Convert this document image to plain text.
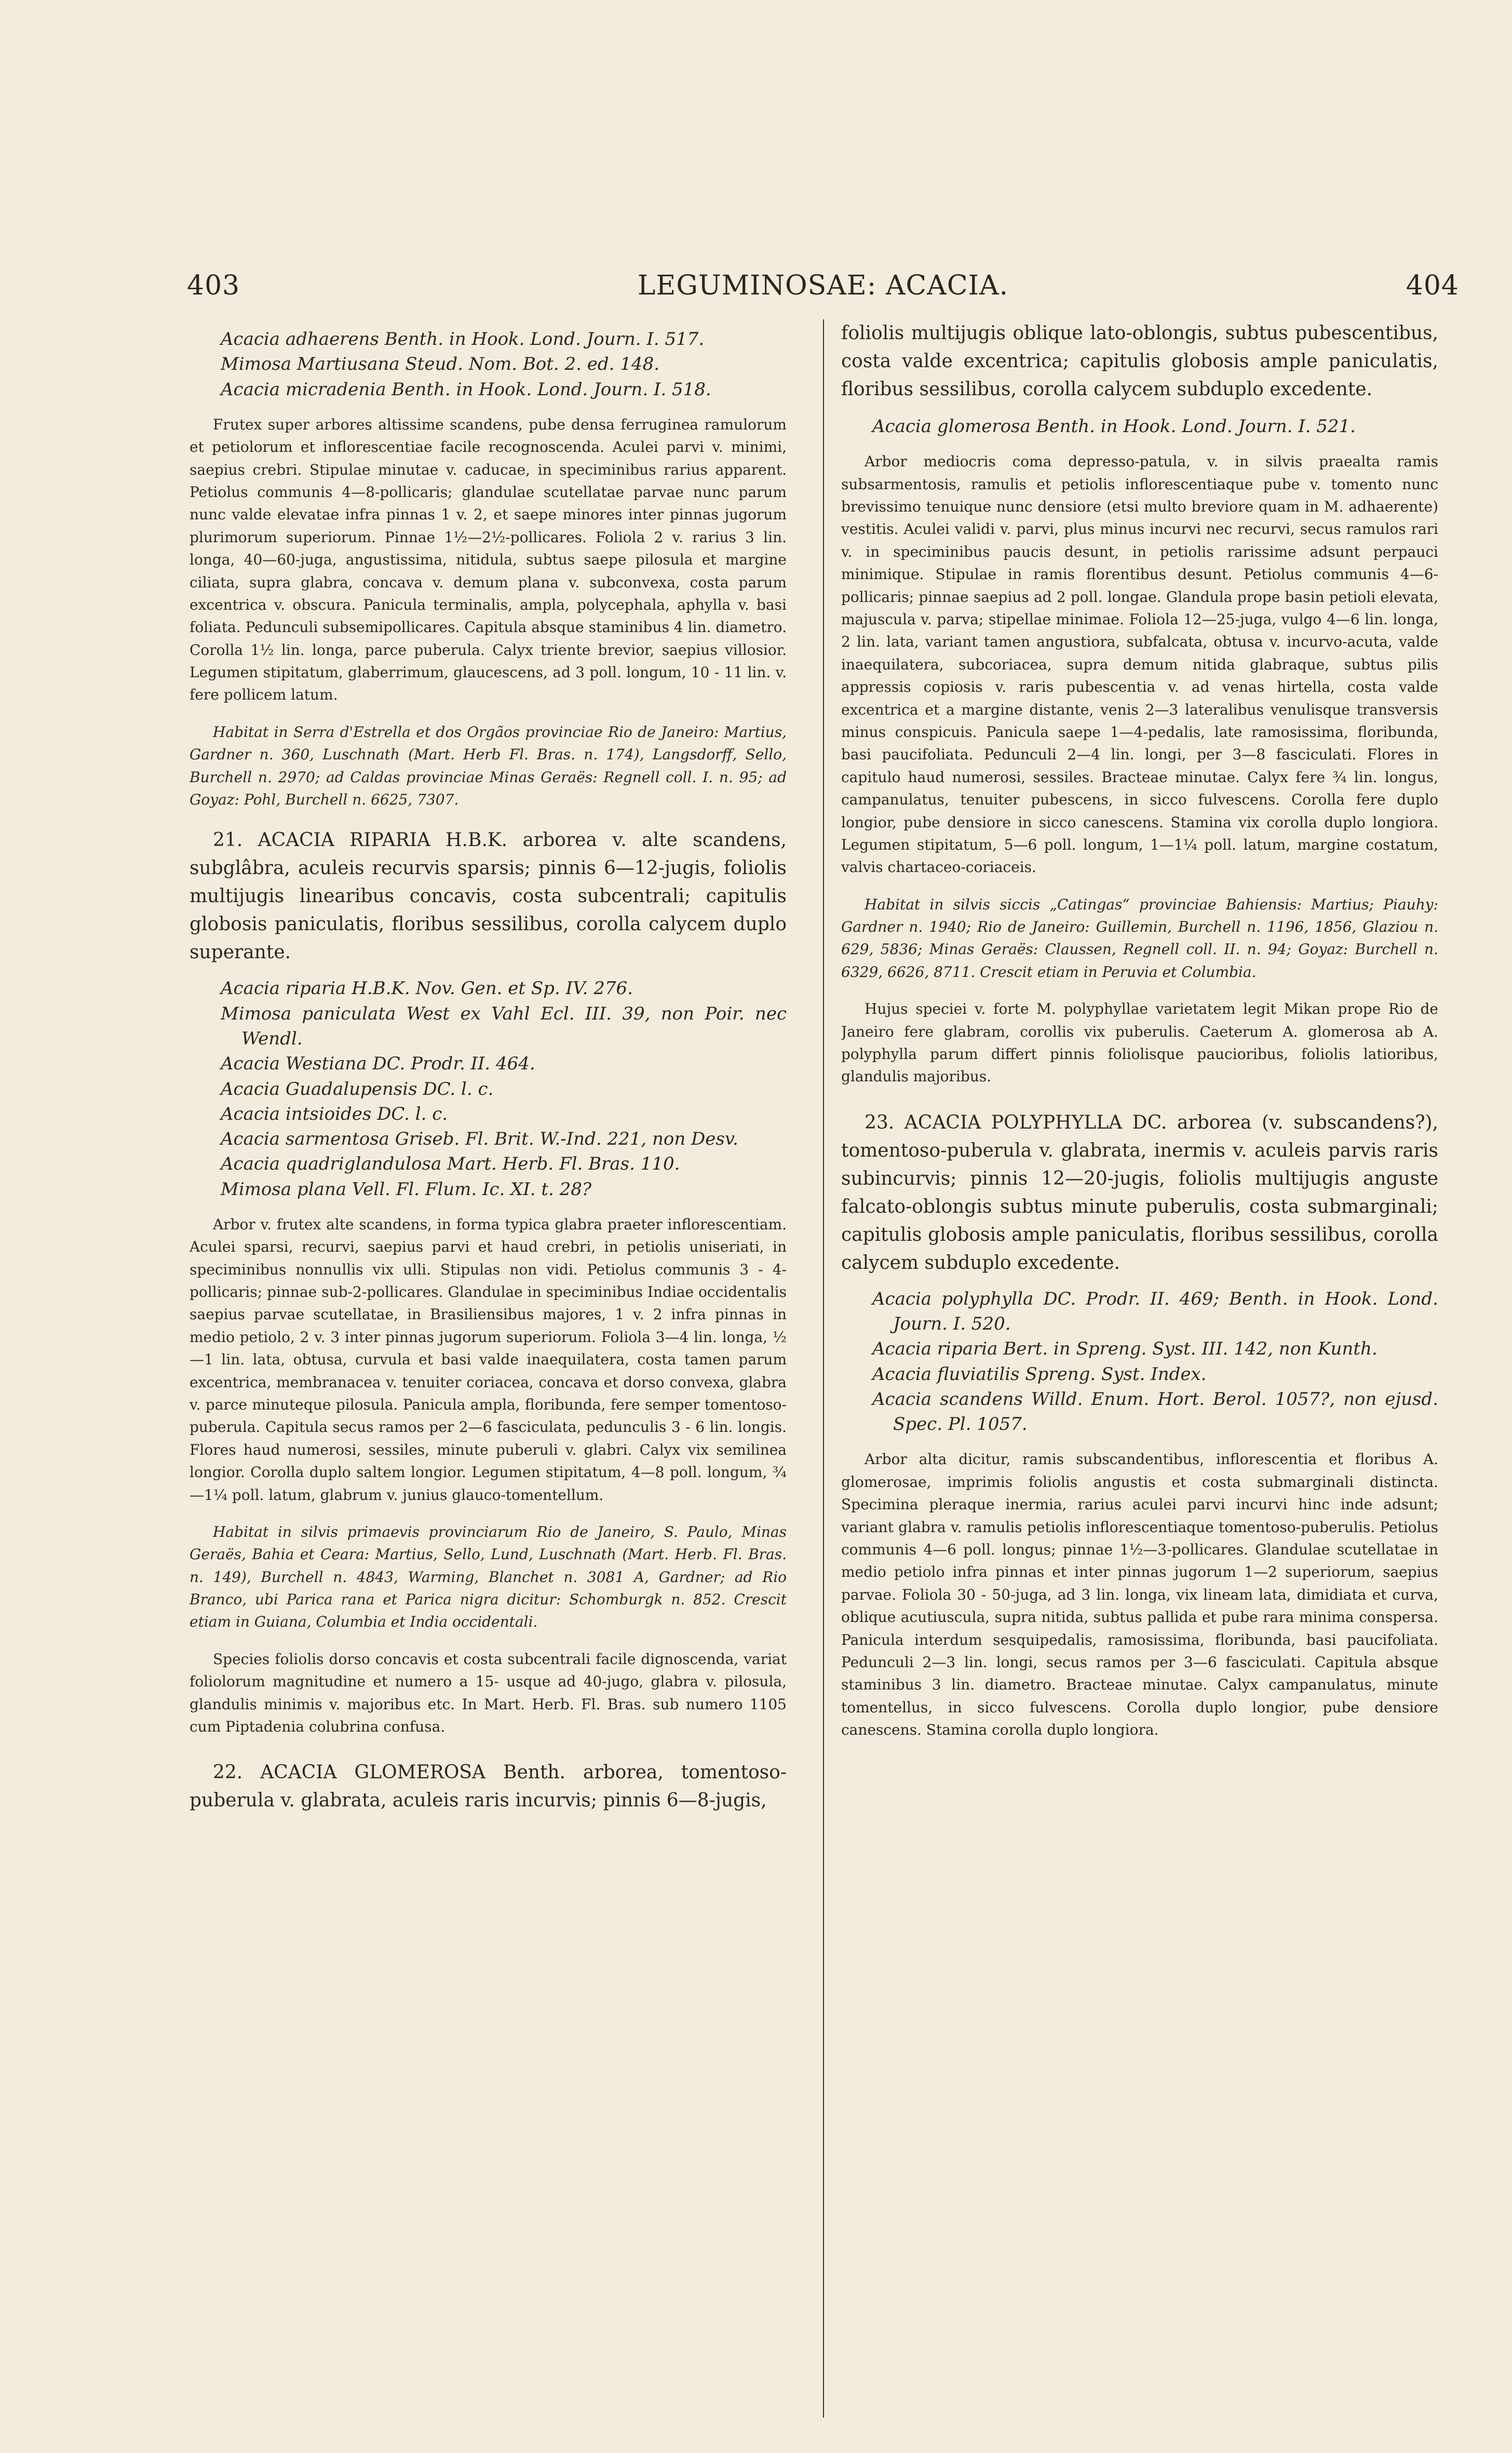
403	LEGUMINOSAE: ACACIA.	404

Acacia adhaerens Benth. in Hook. Lond. Journ. I. 517.

Mimosa Martiusana Steud. Nom. Bot. 2. ed. 148.

Acacia micradenia Benth. in Hook. Lond. Journ. I. 518.

Frutex super arbores altissime scandens, pube densa ferruginea ramulorum et petiolorum et inflorescentiae facile recognoscenda. Aculei parvi v. minimi, saepius crebri. Stipulae minutae v. caducae, in speciminibus rarius apparent. Petiolus communis 4—8-pollicaris; glandulae scutellatae parvae nunc parum nunc valde elevatae infra pinnas 1 v. 2, et saepe minores inter pinnas jugorum plurimorum superiorum. Pinnae 1½—2½-pollicares. Foliola 2 v. rarius 3 lin. longa, 40—60-juga, angustissima, nitidula, subtus saepe pilosula et margine ciliata, supra glabra, concava v. demum plana v. subconvexa, costa parum excentrica v. obscura. Panicula terminalis, ampla, polycephala, aphylla v. basi foliata. Pedunculi subsemipollicares. Capitula absque staminibus 4 lin. diametro. Corolla 1½ lin. longa, parce puberula. Calyx triente brevior, saepius villosior. Legumen stipitatum, glaberrimum, glaucescens, ad 3 poll. longum, 10 - 11 lin. v. fere pollicem latum.

Habitat in Serra d'Estrella et dos Orgãos provinciae Rio de Janeiro: Martius, Gardner n. 360, Luschnath (Mart. Herb Fl. Bras. n. 174), Langsdorff, Sello, Burchell n. 2970; ad Caldas provinciae Minas Geraës: Regnell coll. I. n. 95; ad Goyaz: Pohl, Burchell n. 6625, 7307.

21. ACACIA RIPARIA H.B.K. arborea v. alte scandens, subglâbra, aculeis recurvis sparsis; pinnis 6—12-jugis, foliolis multijugis linearibus concavis, costa subcentrali; capitulis globosis paniculatis, floribus sessilibus, corolla calycem duplo superante.

Acacia riparia H.B.K. Nov. Gen. et Sp. IV. 276.

Mimosa paniculata West ex Vahl Ecl. III. 39, non Poir. nec Wendl.

Acacia Westiana DC. Prodr. II. 464.

Acacia Guadalupensis DC. l. c.

Acacia intsioides DC. l. c.

Acacia sarmentosa Griseb. Fl. Brit. W.-Ind. 221, non Desv.

Acacia quadriglandulosa Mart. Herb. Fl. Bras. 110.

Mimosa plana Vell. Fl. Flum. Ic. XI. t. 28?

Arbor v. frutex alte scandens, in forma typica glabra praeter inflorescentiam. Aculei sparsi, recurvi, saepius parvi et haud crebri, in petiolis uniseriati, in speciminibus nonnullis vix ulli. Stipulas non vidi. Petiolus communis 3 - 4-pollicaris; pinnae sub-2-pollicares. Glandulae in speciminibus Indiae occidentalis saepius parvae scutellatae, in Brasiliensibus majores, 1 v. 2 infra pinnas in medio petiolo, 2 v. 3 inter pinnas jugorum superiorum. Foliola 3—4 lin. longa, ½—1 lin. lata, obtusa, curvula et basi valde inaequilatera, costa tamen parum excentrica, membranacea v. tenuiter coriacea, concava et dorso convexa, glabra v. parce minuteque pilosula. Panicula ampla, floribunda, fere semper tomentoso-puberula. Capitula secus ramos per 2—6 fasciculata, pedunculis 3 - 6 lin. longis. Flores haud numerosi, sessiles, minute puberuli v. glabri. Calyx vix semilinea longior. Corolla duplo saltem longior. Legumen stipitatum, 4—8 poll. longum, ¾—1¼ poll. latum, glabrum v. junius glauco-tomentellum.

Habitat in silvis primaevis provinciarum Rio de Janeiro, S. Paulo, Minas Geraës, Bahia et Ceara: Martius, Sello, Lund, Luschnath (Mart. Herb. Fl. Bras. n. 149), Burchell n. 4843, Warming, Blanchet n. 3081 A, Gardner; ad Rio Branco, ubi Parica rana et Parica nigra dicitur: Schomburgk n. 852. Crescit etiam in Guiana, Columbia et India occidentali.

Species foliolis dorso concavis et costa subcentrali facile dignoscenda, variat foliolorum magnitudine et numero a 15- usque ad 40-jugo, glabra v. pilosula, glandulis minimis v. majoribus etc. In Mart. Herb. Fl. Bras. sub numero 1105 cum Piptadenia colubrina confusa.

22. ACACIA GLOMEROSA Benth. arborea, tomentoso-puberula v. glabrata, aculeis raris incurvis; pinnis 6—8-jugis,

foliolis multijugis oblique lato-oblongis, subtus pubescentibus, costa valde excentrica; capitulis globosis ample paniculatis, floribus sessilibus, corolla calycem subduplo excedente.

Acacia glomerosa Benth. in Hook. Lond. Journ. I. 521.

Arbor mediocris coma depresso-patula, v. in silvis praealta ramis subsarmentosis, ramulis et petiolis inflorescentiaque pube v. tomento nunc brevissimo tenuique nunc densiore (etsi multo breviore quam in M. adhaerente) vestitis. Aculei validi v. parvi, plus minus incurvi nec recurvi, secus ramulos rari v. in speciminibus paucis desunt, in petiolis rarissime adsunt perpauci minimique. Stipulae in ramis florentibus desunt. Petiolus communis 4—6-pollicaris; pinnae saepius ad 2 poll. longae. Glandula prope basin petioli elevata, majuscula v. parva; stipellae minimae. Foliola 12—25-juga, vulgo 4—6 lin. longa, 2 lin. lata, variant tamen angustiora, subfalcata, obtusa v. incurvo-acuta, valde inaequilatera, subcoriacea, supra demum nitida glabraque, subtus pilis appressis copiosis v. raris pubescentia v. ad venas hirtella, costa valde excentrica et a margine distante, venis 2—3 lateralibus venulisque transversis minus conspicuis. Panicula saepe 1—4-pedalis, late ramosissima, floribunda, basi paucifoliata. Pedunculi 2—4 lin. longi, per 3—8 fasciculati. Flores in capitulo haud numerosi, sessiles. Bracteae minutae. Calyx fere ¾ lin. longus, campanulatus, tenuiter pubescens, in sicco fulvescens. Corolla fere duplo longior, pube densiore in sicco canescens. Stamina vix corolla duplo longiora. Legumen stipitatum, 5—6 poll. longum, 1—1¼ poll. latum, margine costatum, valvis chartaceo-coriaceis.

Habitat in silvis siccis „Catingas“ provinciae Bahiensis: Martius; Piauhy: Gardner n. 1940; Rio de Janeiro: Guillemin, Burchell n. 1196, 1856, Glaziou n. 629, 5836; Minas Geraës: Claussen, Regnell coll. II. n. 94; Goyaz: Burchell n. 6329, 6626, 8711. Crescit etiam in Peruvia et Columbia.

Hujus speciei v. forte M. polyphyllae varietatem legit Mikan prope Rio de Janeiro fere glabram, corollis vix puberulis. Caeterum A. glomerosa ab A. polyphylla parum differt pinnis foliolisque paucioribus, foliolis latioribus, glandulis majoribus.

23. ACACIA POLYPHYLLA DC. arborea (v. subscandens?), tomentoso-puberula v. glabrata, inermis v. aculeis parvis raris subincurvis; pinnis 12—20-jugis, foliolis multijugis anguste falcato-oblongis subtus minute puberulis, costa submarginali; capitulis globosis ample paniculatis, floribus sessilibus, corolla calycem subduplo excedente.

Acacia polyphylla DC. Prodr. II. 469; Benth. in Hook. Lond. Journ. I. 520.

Acacia riparia Bert. in Spreng. Syst. III. 142, non Kunth.

Acacia fluviatilis Spreng. Syst. Index.

Acacia scandens Willd. Enum. Hort. Berol. 1057?, non ejusd. Spec. Pl. 1057.

Arbor alta dicitur, ramis subscandentibus, inflorescentia et floribus A. glomerosae, imprimis foliolis angustis et costa submarginali distincta. Specimina pleraque inermia, rarius aculei parvi incurvi hinc inde adsunt; variant glabra v. ramulis petiolis inflorescentiaque tomentoso-puberulis. Petiolus communis 4—6 poll. longus; pinnae 1½—3-pollicares. Glandulae scutellatae in medio petiolo infra pinnas et inter pinnas jugorum 1—2 superiorum, saepius parvae. Foliola 30 - 50-juga, ad 3 lin. longa, vix lineam lata, dimidiata et curva, oblique acutiuscula, supra nitida, subtus pallida et pube rara minima conspersa. Panicula interdum sesquipedalis, ramosissima, floribunda, basi paucifoliata. Pedunculi 2—3 lin. longi, secus ramos per 3—6 fasciculati. Capitula absque staminibus 3 lin. diametro. Bracteae minutae. Calyx campanulatus, minute tomentellus, in sicco fulvescens. Corolla duplo longior, pube densiore canescens. Stamina corolla duplo longiora.
